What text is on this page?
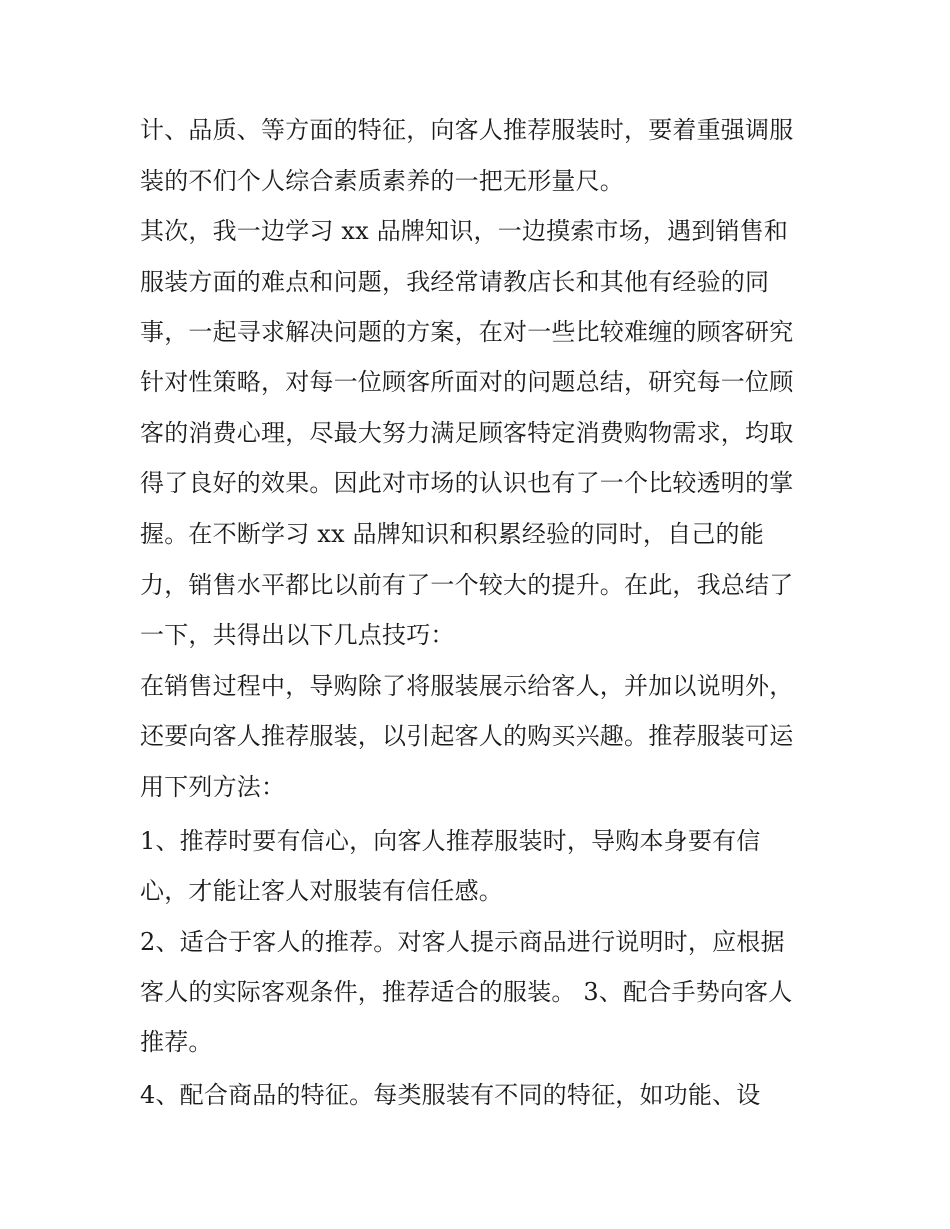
计、品质、等方面的特征，向客人推荐服装时，要着重强调服
装的不们个人综合素质素养的一把无形量尺。
其次，我一边学习 xx 品牌知识，一边摸索市场，遇到销售和
服装方面的难点和问题，我经常请教店长和其他有经验的同
事，一起寻求解决问题的方案，在对一些比较难缠的顾客研究
针对性策略，对每一位顾客所面对的问题总结，研究每一位顾
客的消费心理，尽最大努力满足顾客特定消费购物需求，均取
得了良好的效果。因此对市场的认识也有了一个比较透明的掌
握。在不断学习 xx 品牌知识和积累经验的同时，自己的能
力，销售水平都比以前有了一个较大的提升。在此，我总结了
一下，共得出以下几点技巧：
在销售过程中，导购除了将服装展示给客人，并加以说明外，
还要向客人推荐服装，以引起客人的购买兴趣。推荐服装可运
用下列方法：
1、推荐时要有信心，向客人推荐服装时，导购本身要有信
心，才能让客人对服装有信任感。
2、适合于客人的推荐。对客人提示商品进行说明时，应根据
客人的实际客观条件，推荐适合的服装。 3、配合手势向客人
推荐。
4、配合商品的特征。每类服装有不同的特征，如功能、设
